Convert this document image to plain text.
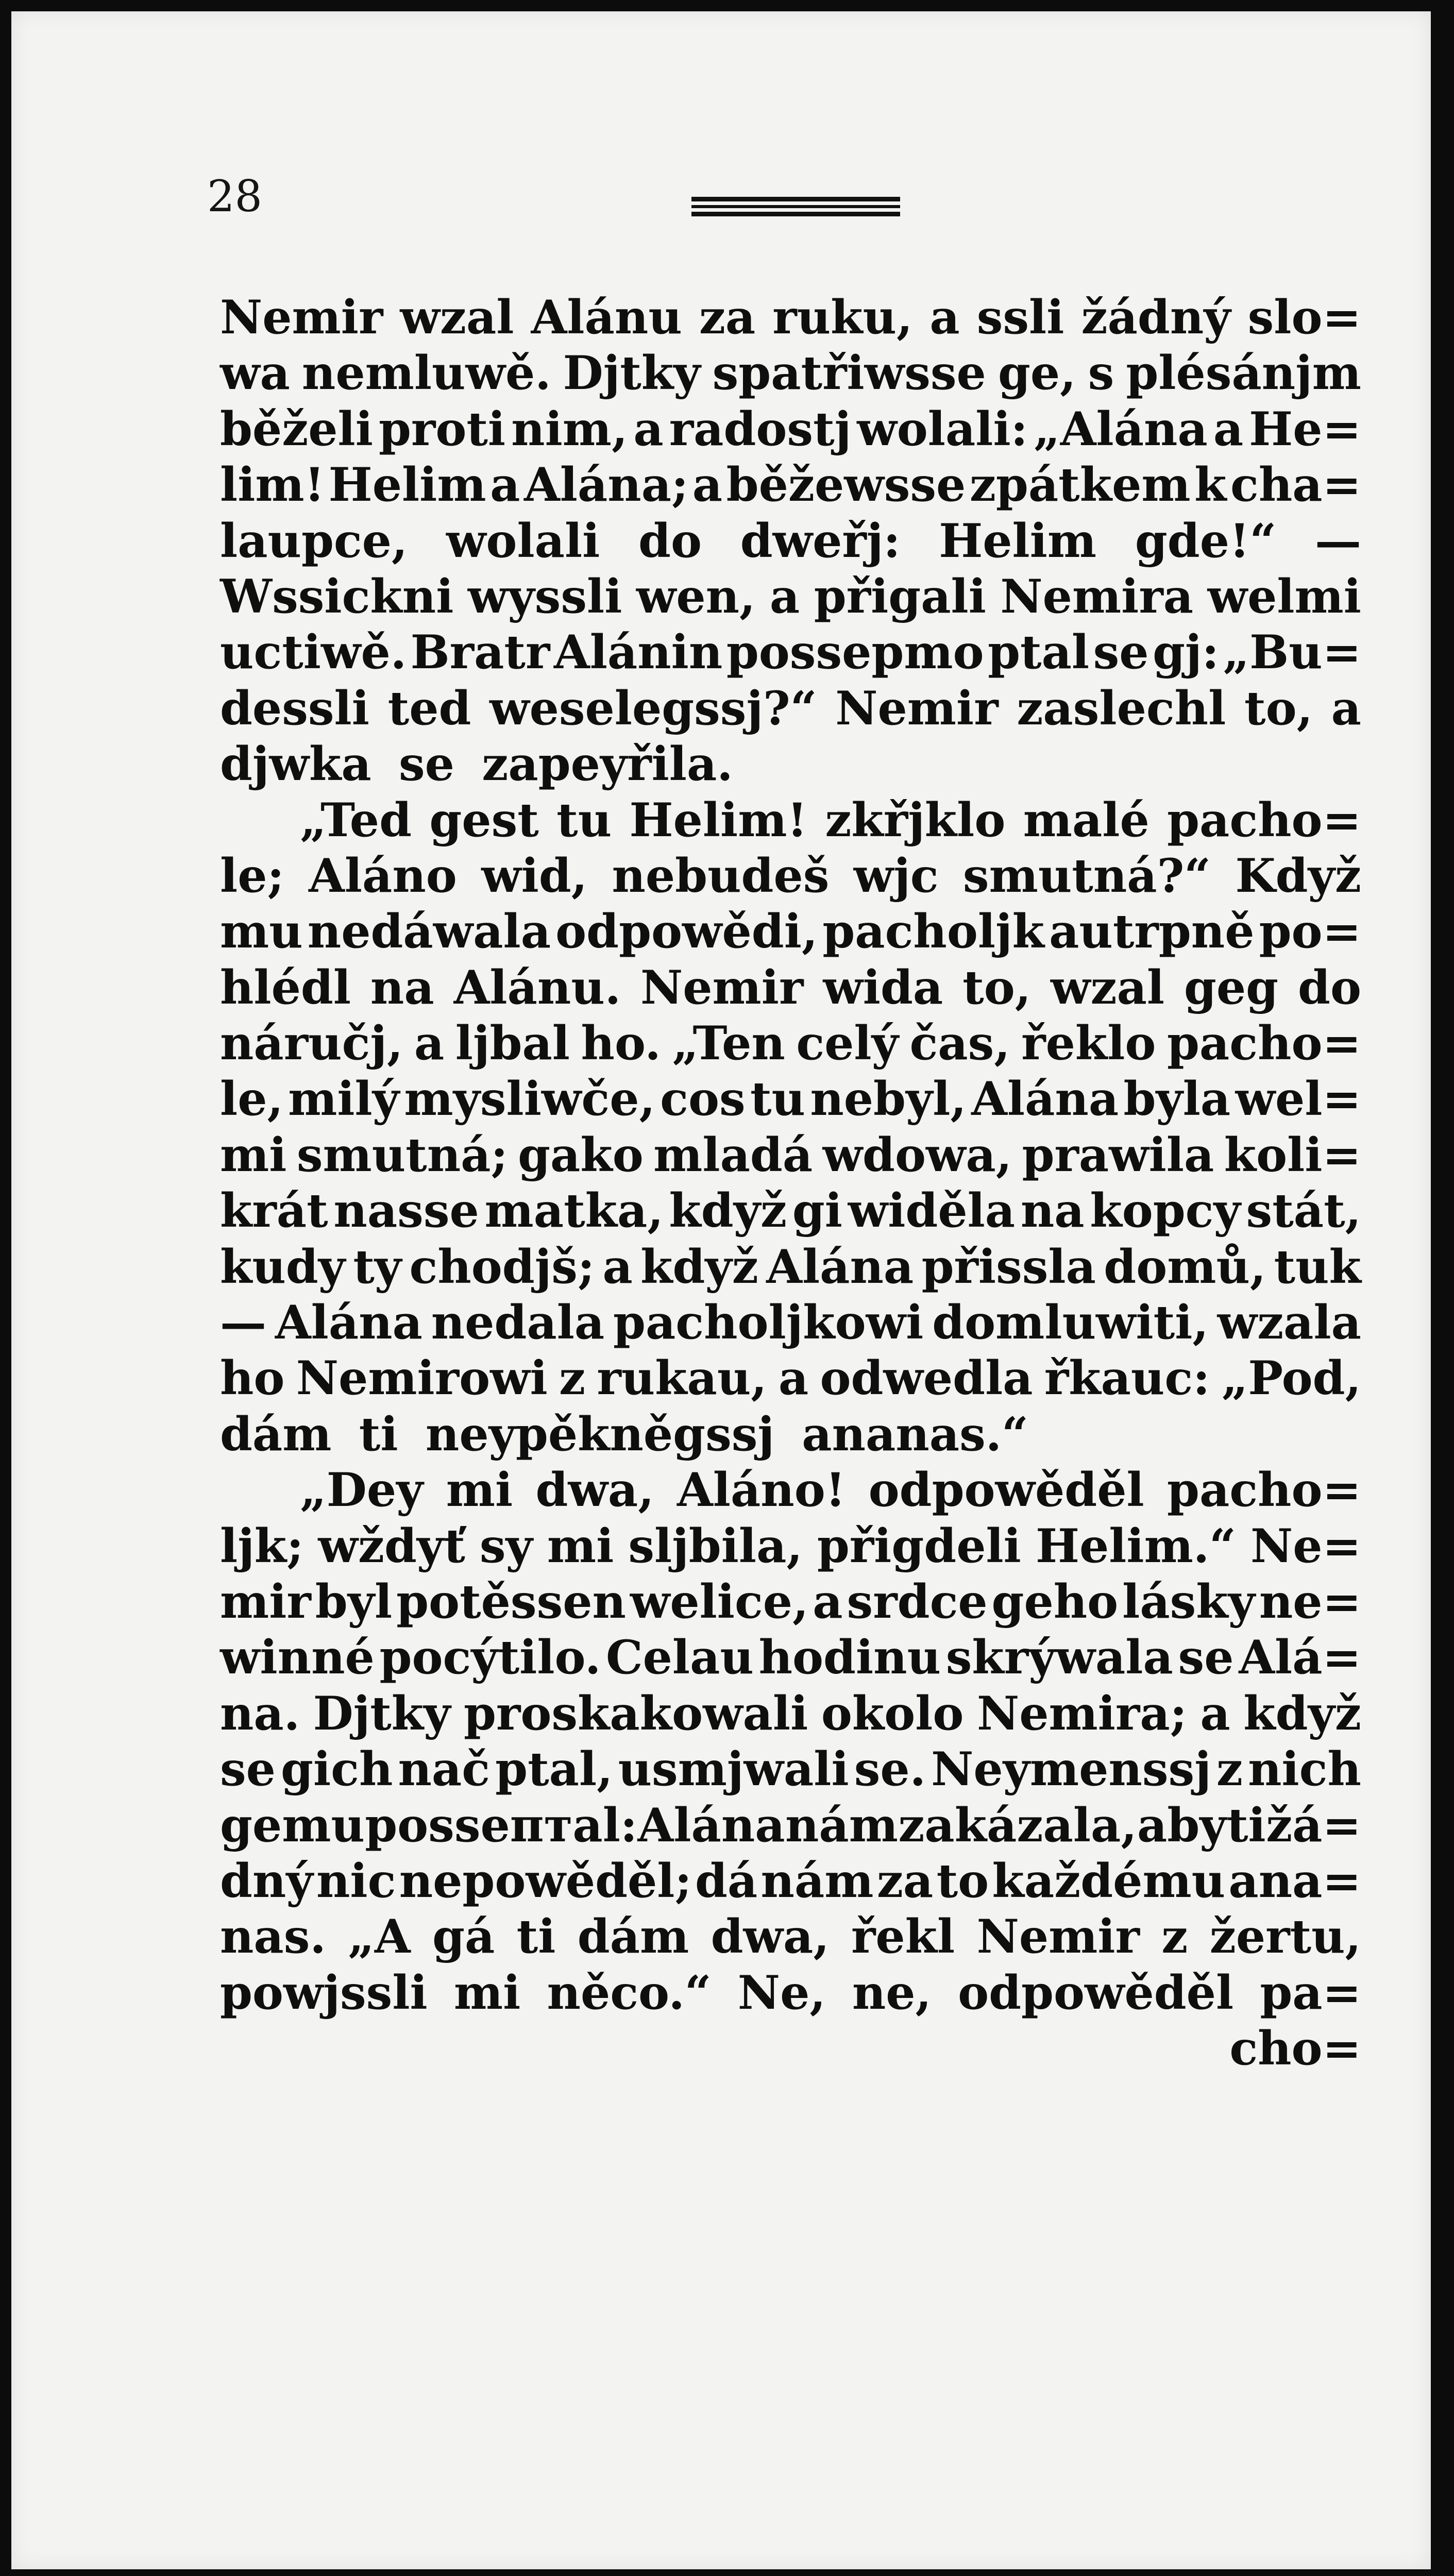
28
Nemir wzal Alánu za ruku, a ssli žádný slo=
wa nemluwě. Djtky spatřiwsse ge, s plésánjm
běželi proti nim, a radostj wolali: „Alána a He=
lim! Helim a Alána; a běžewsse zpátkem k cha=
laupce, wolali do dweřj: Helim gde!“ —
Wssickni wyssli wen, a přigali Nemira welmi
uctiwě. Bratr Alánin possepmo ptal se gj: „Bu=
dessli ted weselegssj?“ Nemir zaslechl to, a
djwka se zapeyřila.
„Ted gest tu Helim! zkřjklo malé pacho=
le; Aláno wid, nebudeš wjc smutná?“ Když
mu nedáwala odpowědi, pacholjk autrpně po=
hlédl na Alánu. Nemir wida to, wzal geg do
náručj, a ljbal ho. „Ten celý čas, řeklo pacho=
le, milý mysliwče, cos tu nebyl, Alána byla wel=
mi smutná; gako mladá wdowa, prawila koli=
krát nasse matka, když gi widěla na kopcy stát,
kudy ty chodjš; a když Alána přissla domů, tuk
— Alána nedala pacholjkowi domluwiti, wzala
ho Nemirowi z rukau, a odwedla řkauc: „Pod,
dám ti neypěkněgssj ananas.“
„Dey mi dwa, Aláno! odpowěděl pacho=
ljk; wždyť sy mi sljbila, přigdeli Helim.“ Ne=
mir byl potěssen welice, a srdce geho lásky ne=
winné pocýtilo. Celau hodinu skrýwala se Alá=
na. Djtky proskakowali okolo Nemira; a když
se gich nač ptal, usmjwali se. Neymenssj z nich
gemu possептal: Alána nám zakázala, aby ti žá=
dný nic nepowěděl; dá nám za to každému ana=
nas. „A gá ti dám dwa, řekl Nemir z žertu,
powjssli mi něco.“ Ne, ne, odpowěděl pa=
cho=
